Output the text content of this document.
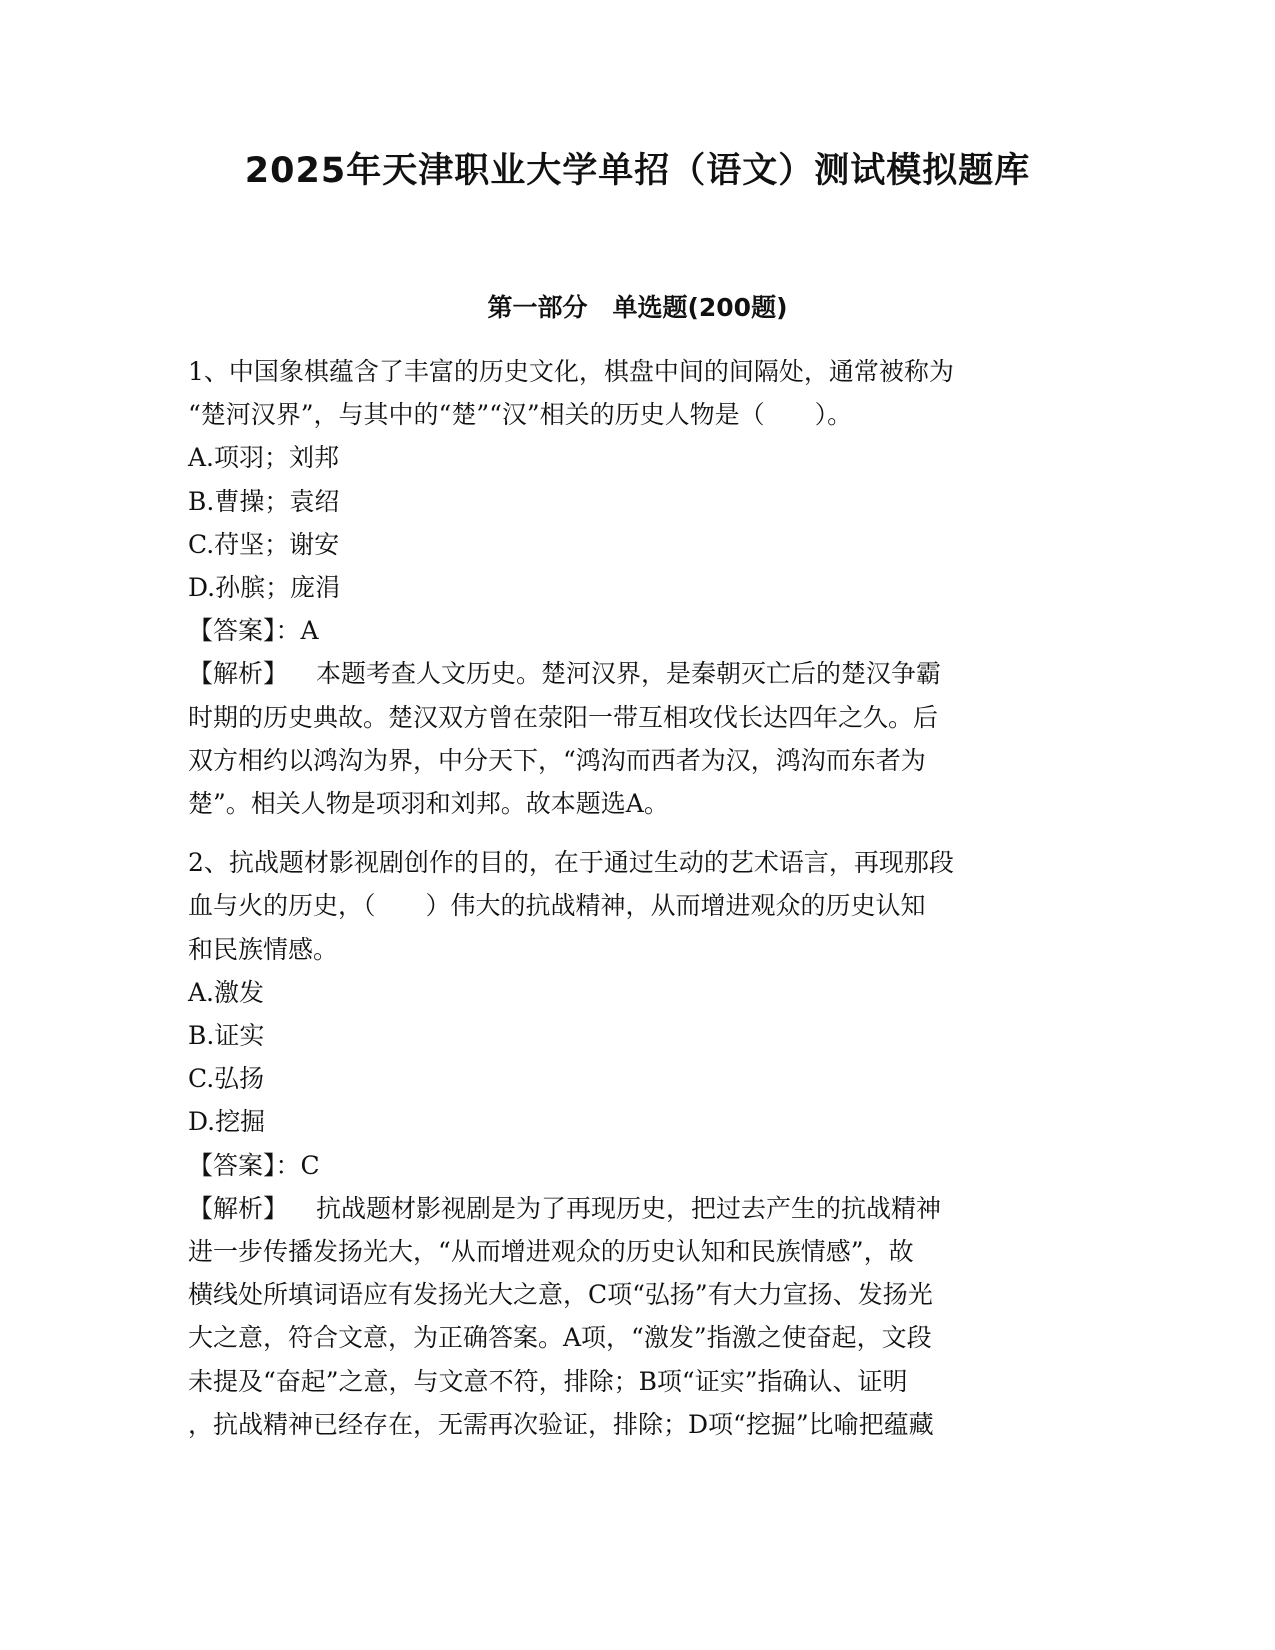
2025年天津职业大学单招（语文）测试模拟题库
第一部分　单选题(200题)
1、中国象棋蕴含了丰富的历史文化，棋盘中间的间隔处，通常被称为
“楚河汉界”，与其中的“楚”“汉”相关的历史人物是（　　）。
A.项羽；刘邦
B.曹操；袁绍
C.苻坚；谢安
D.孙膑；庞涓
【答案】：A
【解析】 本题考查人文历史。楚河汉界，是秦朝灭亡后的楚汉争霸
时期的历史典故。楚汉双方曾在荥阳一带互相攻伐长达四年之久。后
双方相约以鸿沟为界，中分天下，“鸿沟而西者为汉，鸿沟而东者为
楚”。相关人物是项羽和刘邦。故本题选A。
2、抗战题材影视剧创作的目的，在于通过生动的艺术语言，再现那段
血与火的历史，（　　）伟大的抗战精神，从而增进观众的历史认知
和民族情感。
A.激发
B.证实
C.弘扬
D.挖掘
【答案】：C
【解析】 抗战题材影视剧是为了再现历史，把过去产生的抗战精神
进一步传播发扬光大，“从而增进观众的历史认知和民族情感”，故
横线处所填词语应有发扬光大之意，C项“弘扬”有大力宣扬、发扬光
大之意，符合文意，为正确答案。A项，“激发”指激之使奋起，文段
未提及“奋起”之意，与文意不符，排除；B项“证实”指确认、证明
，抗战精神已经存在，无需再次验证，排除；D项“挖掘”比喻把蕴藏
